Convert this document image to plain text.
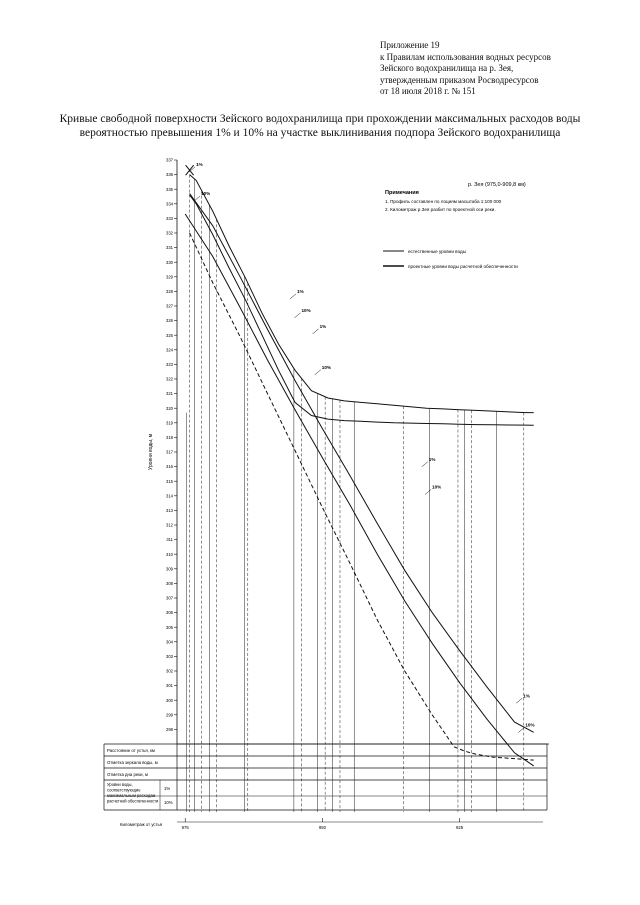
Приложение 19
к Правилам использования водных ресурсов
Зейского водохранилища на р. Зея,
утвержденным приказом Росводресурсов
от 18 июля 2018 г. № 151
Кривые свободной поверхности Зейского водохранилища при прохождении максимальных расходов воды
вероятностью превышения 1% и 10% на участке выклинивания подпора Зейского водохранилища
298
299
300
301
302
303
304
305
306
307
308
309
310
311
312
313
314
315
316
317
318
319
320
321
322
323
324
325
326
327
328
329
330
331
332
333
334
335
336
337
Уровни воды, м
1%
10%
1%
10%
1%
10%
1%
10%
1%
10%
р. Зея (975,0-909,8 км)
Примечания
1. Профиль составлен по лоциям масштаба 1:100 000
2. Километраж р.Зея разбит по проектной оси реки.
естественные уровни воды
проектные уровни воды расчетной обеспеченности
Расстояние от устья, км
Отметка зеркала воды, м
Отметка дна реки, м
Уровни воды,
соответствующие
максимальным расходам
расчетной обеспеченности
1%
10%
Километраж от устья
975	950	925
